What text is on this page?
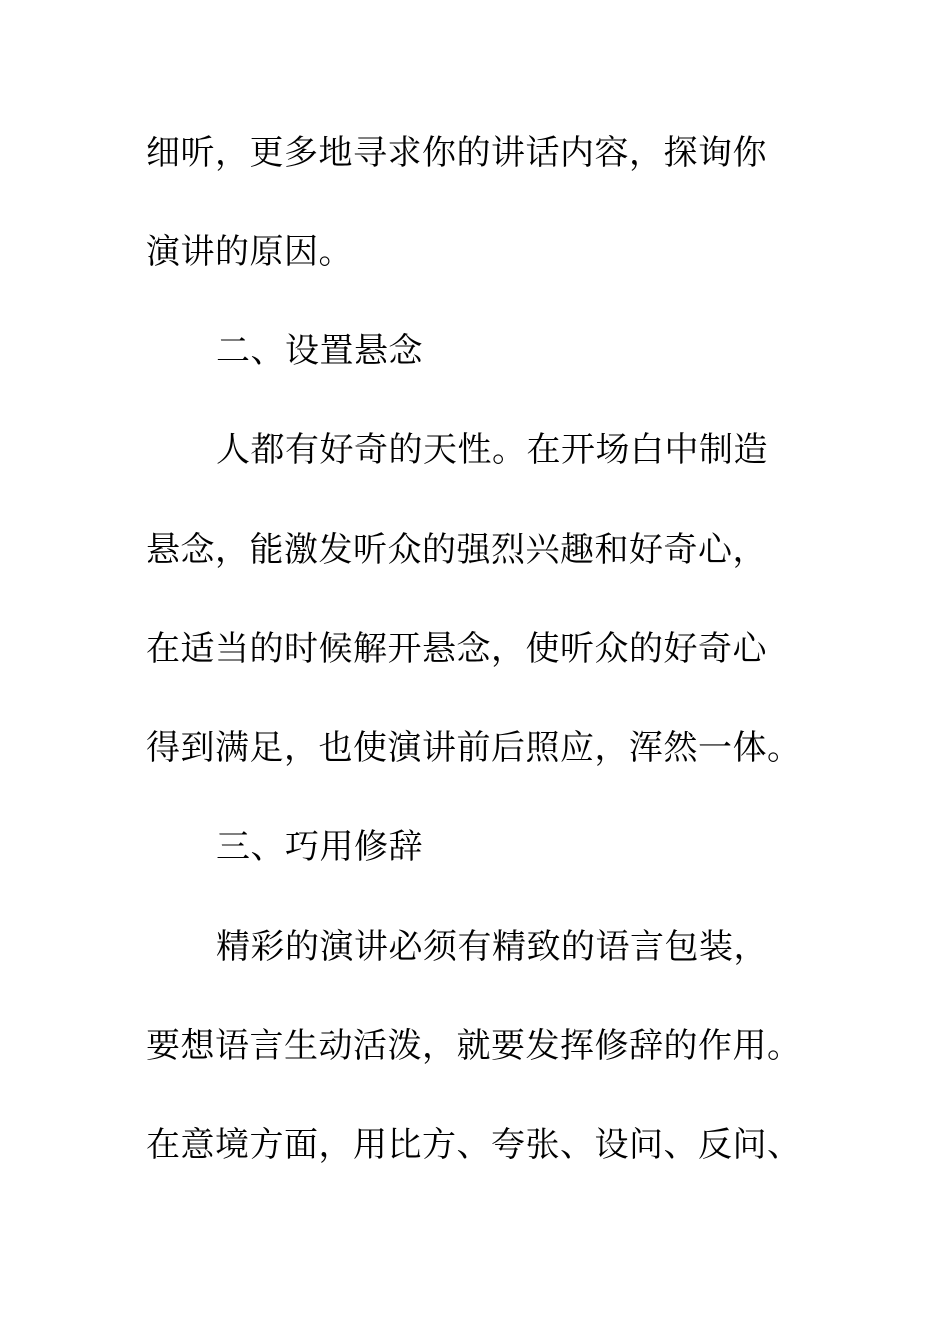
细听，更多地寻求你的讲话内容，探询你
演讲的原因。
二、设置悬念
人都有好奇的天性。在开场白中制造
悬念，能激发听众的强烈兴趣和好奇心，
在适当的时候解开悬念，使听众的好奇心
得到满足，也使演讲前后照应，浑然一体。
三、巧用修辞
精彩的演讲必须有精致的语言包装，
要想语言生动活泼，就要发挥修辞的作用。
在意境方面，用比方、夸张、设问、反问、
